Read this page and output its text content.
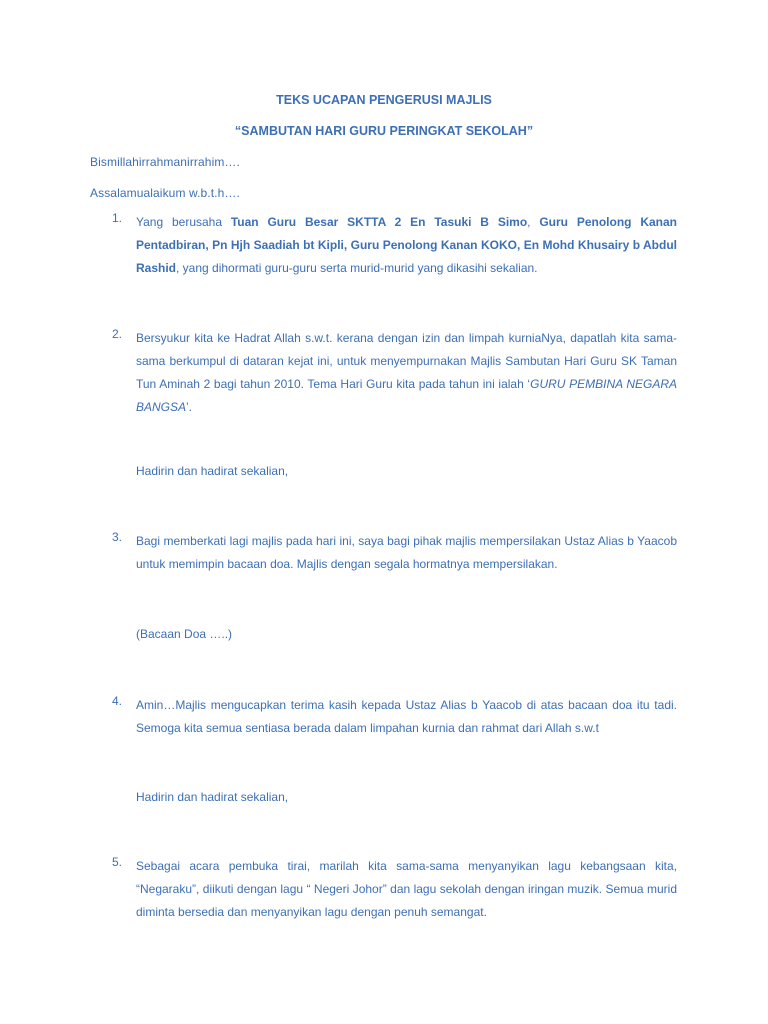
TEKS UCAPAN PENGERUSI MAJLIS
“SAMBUTAN HARI GURU PERINGKAT SEKOLAH”
Bismillahirrahmanirrahim….
Assalamualaikum w.b.t.h….
1. Yang berusaha Tuan Guru Besar SKTTA 2 En Tasuki B Simo, Guru Penolong Kanan Pentadbiran, Pn Hjh Saadiah bt Kipli, Guru Penolong Kanan KOKO, En Mohd Khusairy b Abdul Rashid, yang dihormati guru-guru serta murid-murid yang dikasihi sekalian.
2. Bersyukur kita ke Hadrat Allah s.w.t. kerana dengan izin dan limpah kurniaNya, dapatlah kita sama-sama berkumpul di dataran kejat ini, untuk menyempurnakan Majlis Sambutan Hari Guru SK Taman Tun Aminah 2 bagi tahun 2010. Tema Hari Guru kita pada tahun ini ialah ‘GURU PEMBINA NEGARA BANGSA’.
Hadirin dan hadirat sekalian,
3. Bagi memberkati lagi majlis pada hari ini, saya bagi pihak majlis mempersilakan Ustaz Alias b Yaacob untuk memimpin bacaan doa. Majlis dengan segala hormatnya mempersilakan.
(Bacaan Doa …..)
4. Amin…Majlis mengucapkan terima kasih kepada Ustaz Alias b Yaacob di atas bacaan doa itu tadi. Semoga kita semua sentiasa berada dalam limpahan kurnia dan rahmat dari Allah s.w.t
Hadirin dan hadirat sekalian,
5. Sebagai acara pembuka tirai, marilah kita sama-sama menyanyikan lagu kebangsaan kita, “Negaraku”, diikuti dengan lagu “ Negeri Johor” dan lagu sekolah dengan iringan muzik. Semua murid diminta bersedia dan menyanyikan lagu dengan penuh semangat.
